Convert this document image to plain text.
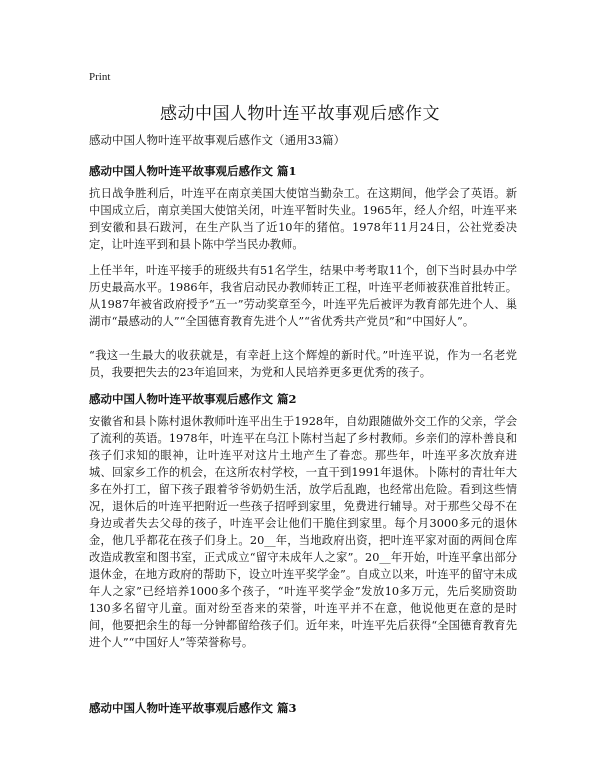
Print
感动中国人物叶连平故事观后感作文
感动中国人物叶连平故事观后感作文（通用33篇）
感动中国人物叶连平故事观后感作文 篇1

抗日战争胜利后，叶连平在南京美国大使馆当勤杂工。在这期间，他学会了英语。新中国成立后，南京美国大使馆关闭，叶连平暂时失业。1965年，经人介绍，叶连平来到安徽和县石跋河，在生产队当了近10年的猪倌。1978年11月24日，公社党委决定，让叶连平到和县卜陈中学当民办教师。

上任半年，叶连平接手的班级共有51名学生，结果中考考取11个，创下当时县办中学历史最高水平。1986年，我省启动民办教师转正工程，叶连平老师被获准首批转正。从1987年被省政府授予“五一”劳动奖章至今，叶连平先后被评为教育部先进个人、巢湖市“最感动的人”“全国德育教育先进个人”“省优秀共产党员”和“中国好人”。

“我这一生最大的收获就是，有幸赶上这个辉煌的新时代。”叶连平说，作为一名老党员，我要把失去的23年追回来，为党和人民培养更多更优秀的孩子。

感动中国人物叶连平故事观后感作文 篇2

安徽省和县卜陈村退休教师叶连平出生于1928年，自幼跟随做外交工作的父亲，学会了流利的英语。1978年，叶连平在乌江卜陈村当起了乡村教师。乡亲们的淳朴善良和孩子们求知的眼神，让叶连平对这片土地产生了眷恋。那些年，叶连平多次放弃进城、回家乡工作的机会，在这所农村学校，一直干到1991年退休。卜陈村的青壮年大多在外打工，留下孩子跟着爷爷奶奶生活，放学后乱跑，也经常出危险。看到这些情况，退休后的叶连平把附近一些孩子招呼到家里，免费进行辅导。对于那些父母不在身边或者失去父母的孩子，叶连平会让他们干脆住到家里。每个月3000多元的退休金，他几乎都花在孩子们身上。20__年，当地政府出资，把叶连平家对面的两间仓库改造成教室和图书室，正式成立“留守未成年人之家”。20__年开始，叶连平拿出部分退休金，在地方政府的帮助下，设立叶连平奖学金”。自成立以来，叶连平的留守未成年人之家”已经培养1000多个孩子，“叶连平奖学金”发放10多万元，先后奖励资助130多名留守儿童。面对纷至沓来的荣誉，叶连平并不在意，他说他更在意的是时间，他要把余生的每一分钟都留给孩子们。近年来，叶连平先后获得“全国德育教育先进个人”“中国好人”等荣誉称号。

感动中国人物叶连平故事观后感作文 篇3
